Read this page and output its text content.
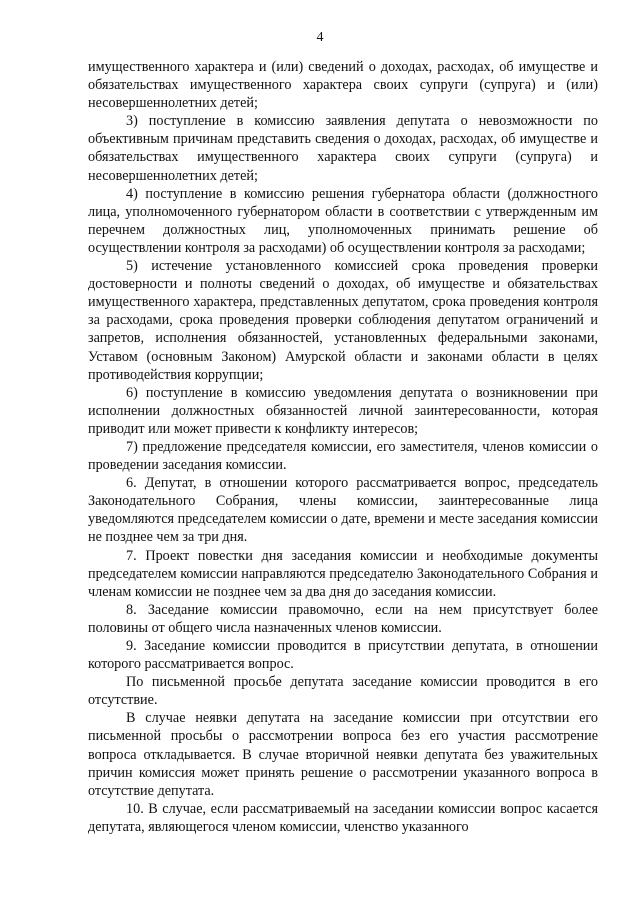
4

имущественного характера и (или) сведений о доходах, расходах, об имуществе и обязательствах имущественного характера своих супруги (супруга) и (или) несовершеннолетних детей;

3) поступление в комиссию заявления депутата о невозможности по объективным причинам представить сведения о доходах, расходах, об имуществе и обязательствах имущественного характера своих супруги (супруга) и несовершеннолетних детей;

4) поступление в комиссию решения губернатора области (должностного лица, уполномоченного губернатором области в соответствии с утвержденным им перечнем должностных лиц, уполномоченных принимать решение об осуществлении контроля за расходами) об осуществлении контроля за расходами;

5) истечение установленного комиссией срока проведения проверки достоверности и полноты сведений о доходах, об имуществе и обязательствах имущественного характера, представленных депутатом, срока проведения контроля за расходами, срока проведения проверки соблюдения депутатом ограничений и запретов, исполнения обязанностей, установленных федеральными законами, Уставом (основным Законом) Амурской области и законами области в целях противодействия коррупции;

6) поступление в комиссию уведомления депутата о возникновении при исполнении должностных обязанностей личной заинтересованности, которая приводит или может привести к конфликту интересов;

7) предложение председателя комиссии, его заместителя, членов комиссии о проведении заседания комиссии.

6. Депутат, в отношении которого рассматривается вопрос, председатель Законодательного Собрания, члены комиссии, заинтересованные лица уведомляются председателем комиссии о дате, времени и месте заседания комиссии не позднее чем за три дня.

7. Проект повестки дня заседания комиссии и необходимые документы председателем комиссии направляются председателю Законодательного Собрания и членам комиссии не позднее чем за два дня до заседания комиссии.

8. Заседание комиссии правомочно, если на нем присутствует более половины от общего числа назначенных членов комиссии.

9. Заседание комиссии проводится в присутствии депутата, в отношении которого рассматривается вопрос.

По письменной просьбе депутата заседание комиссии проводится в его отсутствие.

В случае неявки депутата на заседание комиссии при отсутствии его письменной просьбы о рассмотрении вопроса без его участия рассмотрение вопроса откладывается. В случае вторичной неявки депутата без уважительных причин комиссия может принять решение о рассмотрении указанного вопроса в отсутствие депутата.

10. В случае, если рассматриваемый на заседании комиссии вопрос касается депутата, являющегося членом комиссии, членство указанного
